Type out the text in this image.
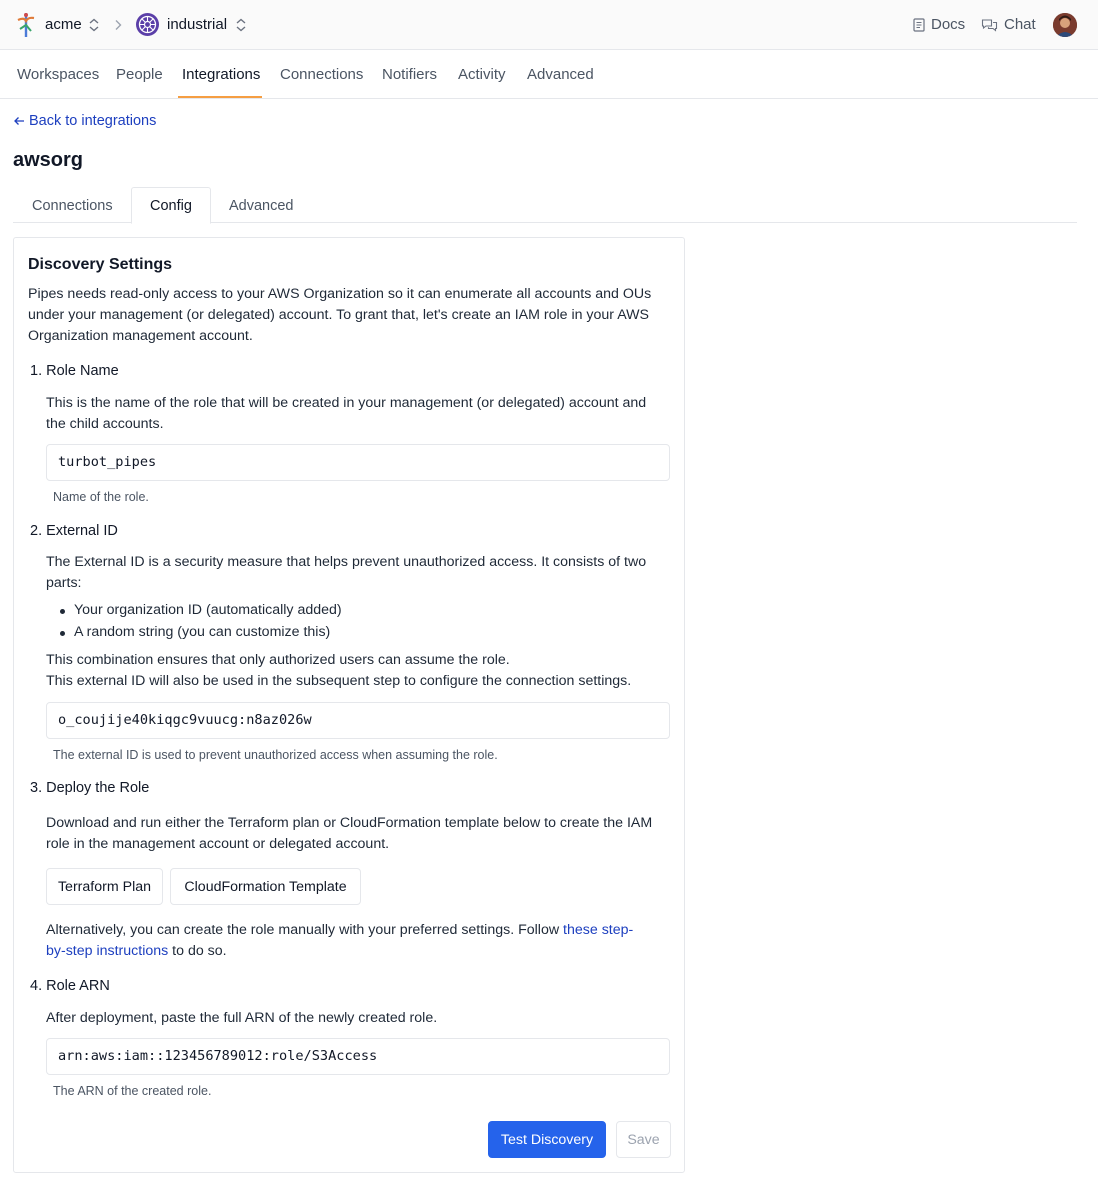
acme	industrial	Docs	Chat
Workspaces People Integrations Connections Notifiers Activity Advanced
Back to integrations
awsorg
Connections	Config	Advanced
Discovery Settings
Pipes needs read-only access to your AWS Organization so it can enumerate all accounts and OUs
under your management (or delegated) account. To grant that, let's create an IAM role in your AWS
Organization management account.
1. Role Name
This is the name of the role that will be created in your management (or delegated) account and
the child accounts.
turbot_pipes
Name of the role.
2. External ID
The External ID is a security measure that helps prevent unauthorized access. It consists of two
parts:
Your organization ID (automatically added)
A random string (you can customize this)
This combination ensures that only authorized users can assume the role.
This external ID will also be used in the subsequent step to configure the connection settings.
o_coujije40kiqgc9vuucg:n8az026w
The external ID is used to prevent unauthorized access when assuming the role.
3. Deploy the Role
Download and run either the Terraform plan or CloudFormation template below to create the IAM
role in the management account or delegated account.
Terraform Plan	CloudFormation Template
Alternatively, you can create the role manually with your preferred settings. Follow these step-
by-step instructions to do so.
4. Role ARN
After deployment, paste the full ARN of the newly created role.
arn:aws:iam::123456789012:role/S3Access
The ARN of the created role.
Test Discovery	Save
